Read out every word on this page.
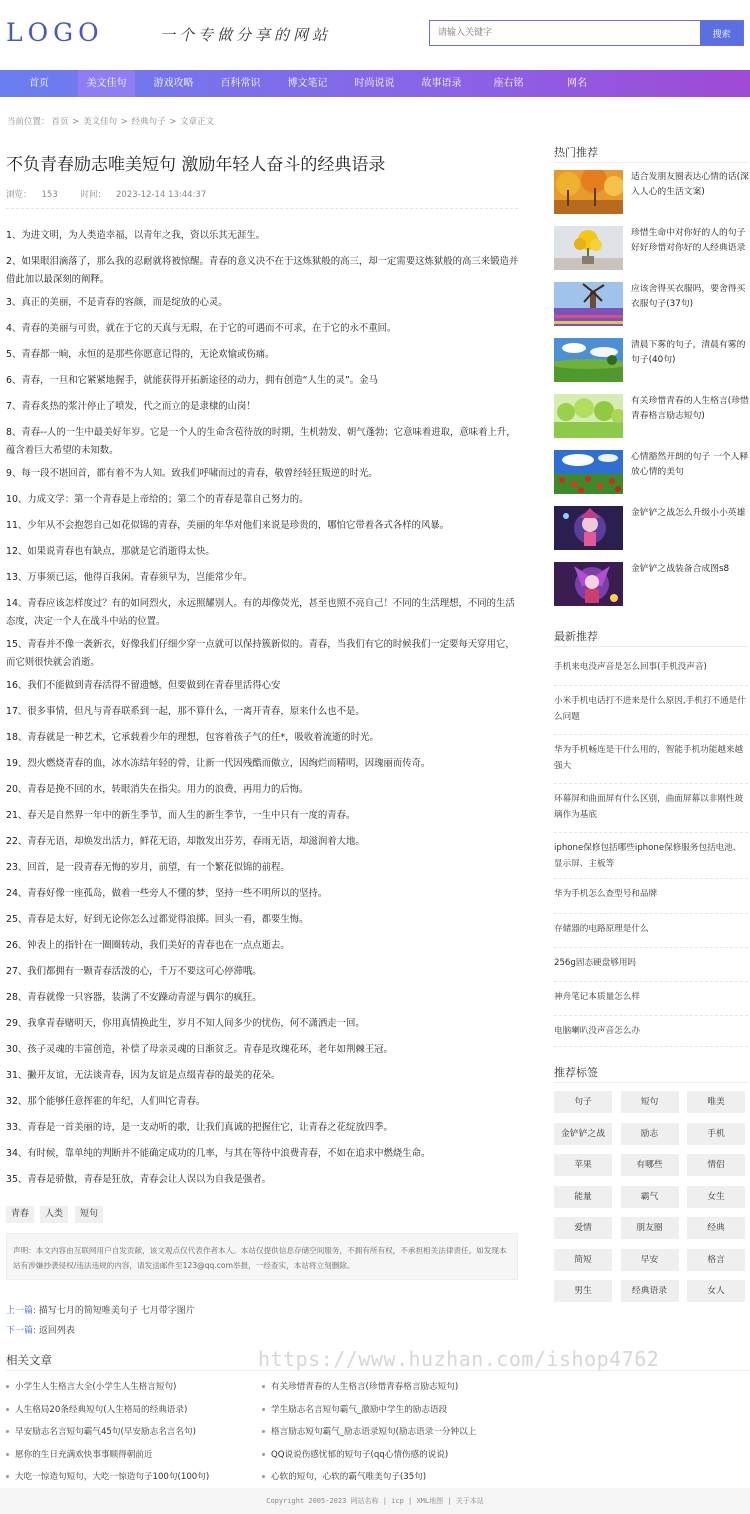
LOGO	一个专做分享的网站
请输入关键字	搜索
首页	美文佳句	游戏攻略	百科常识	博文笔记	时尚说说	故事语录	座右铭	网名
当前位置： 首页 > 美文佳句 > 经典句子 > 文章正文
不负青春励志唯美短句 激励年轻人奋斗的经典语录
浏览： 153	时间： 2023-12-14 13:44:37
1、为进文明，为人类造幸福，以青年之我，资以乐其无涯生。
2、如果眼泪滴落了，那么我的忍耐就将被惊醒。青春的意义决不在于这炼狱般的高三，却一定需要这炼狱般的高三来锻造并借此加以最深刻的阐释。
3、真正的美丽，不是青春的容颜，而是绽放的心灵。
4、青春的美丽与可贵，就在于它的天真与无瑕，在于它的可遇而不可求，在于它的永不重回。
5、青春都一晌，永恒的是那些你愿意记得的，无论欢愉或伤痛。
6、青春，一旦和它紧紧地握手，就能获得开拓新途径的动力，拥有创造“人生的灵”。金马
7、青春炙热的浆汁停止了喷发，代之而立的是隶棣的山岗！
8、青春--人的一生中最美好年岁。它是一个人的生命含苞待放的时期，生机勃发、朝气蓬勃；它意味着进取，意味着上升，蕴含着巨大希望的未知数。
9、每一段不堪回首，都有着不为人知。致我们呼啸而过的青春，敬曾经轻狂叛逆的时光。
10、力成文学：第一个青春是上帝给的；第二个的青春是靠自己努力的。
11、少年从不会抱怨自己如花似锦的青春，美丽的年华对他们来说是珍贵的，哪怕它带着各式各样的风暴。
12、如果说青春也有缺点，那就是它消逝得太快。
13、万事须已运，他得百我闲。青春须早为，岂能常少年。
14、青春应该怎样度过？有的如同烈火，永远照耀别人。有的却像荧光，甚至也照不亮自己！不同的生活理想，不同的生活态度，决定一个人在战斗中站的位置。
15、青春并不像一袭新衣，好像我们仔细少穿一点就可以保持簇新似的。青春，当我们有它的时候我们一定要每天穿用它，而它则很快就会消逝。
16、我们不能做到青春活得不留遗憾，但要做到在青春里活得心安
17、很多事情，但凡与青春联系到一起，那不算什么，一离开青春，原来什么也不是。
18、青春就是一种艺术，它承载着少年的理想，包容着孩子气的任*，吸收着流逝的时光。
19、烈火燃烧青春的血，冰水冻结年轻的骨，让新一代因残酷而傲立，因绚烂而精明，因瑰丽而传奇。
20、青春是挽不回的水，转眼消失在指尖。用力的浪费，再用力的后悔。
21、春天是自然界一年中的新生季节，而人生的新生季节，一生中只有一度的青春。
22、青春无语，却焕发出活力，鲜花无语，却散发出芬芳，春雨无语，却滋润着大地。
23、回首，是一段青春无悔的岁月，前望，有一个繁花似锦的前程。
24、青春好像一座孤岛，做着一些旁人不懂的梦，坚持一些不明所以的坚持。
25、青春是太好，好到无论你怎么过都觉得浪掷。回头一看，都要生悔。
26、钟表上的指针在一圈圈转动，我们美好的青春也在一点点逝去。
27、我们都拥有一颗青春活泼的心，千万不要这可心停滞哦。
28、青春就像一只容器，装满了不安躁动青涩与偶尔的疯狂。
29、我拿青春赌明天，你用真情换此生，岁月不知人间多少的忧伤，何不潇洒走一回。
30、孩子灵魂的丰富创造，补偿了母亲灵魂的日渐贫乏。青春是玫瑰花环，老年如荆棘王冠。
31、撇开友谊，无法谈青春，因为友谊是点缀青春的最美的花朵。
32、那个能够任意挥霍的年纪，人们叫它青春。
33、青春是一首美丽的诗，是一支动听的歌，让我们真诚的把握住它，让青春之花绽放四季。
34、有时候，靠单纯的判断并不能确定成功的几率，与其在等待中浪费青春，不如在追求中燃烧生命。
35、青春是骄傲，青春是狂放，青春会让人误以为自我是强者。
青春	人类	短句
声明：本文内容由互联网用户自发贡献，该文观点仅代表作者本人。本站仅提供信息存储空间服务，不拥有所有权，不承担相关法律责任。如发现本站有涉嫌抄袭侵权/违法违规的内容，请发送邮件至123@qq.com举报，一经查实，本站将立刻删除。
上一篇: 描写七月的简短唯美句子 七月带字图片
下一篇: 返回列表
相关文章
小学生人生格言大全(小学生人生格言短句)	有关珍惜青春的人生格言(珍惜青春格言励志短句)
人生格局20条经典短句(人生格局的经典语录)	学生励志名言短句霸气_激励中学生的励志语段
早安励志名言短句霸气45句(早安励志名言名句)	格言励志短句霸气_励志语录短句(励志语录一分钟以上
愿你的生日充满欢快事事顺得朝前近	QQ说说伤感忧郁的短句子(qq心情伤感的说说)
大吃一惊造句短句，大吃一惊造句子100句(100句)	心软的短句，心软的霸气唯美句子(35句)
热门推荐
适合发朋友圈表达心情的话(深入人心的生活文案)
珍惜生命中对你好的人的句子 好好珍惜对你好的人经典语录
应该舍得买衣服吗，要舍得买衣服句子(37句)
清晨下雾的句子，清晨有雾的句子(40句)
有关珍惜青春的人生格言(珍惜青春格言励志短句)
心情豁然开朗的句子 一个人释放心情的美句
金铲铲之战怎么升级小小英雄
金铲铲之战装备合成图s8
最新推荐
手机来电没声音是怎么回事(手机没声音)
小米手机电话打不进来是什么原因,手机打不通是什么问题
华为手机畅连是干什么用的，智能手机功能越来越强大
环幕屏和曲面屏有什么区别，曲面屏幕以非刚性玻璃作为基底
iphone保修包括哪些iphone保修服务包括电池、显示屏、主板等
华为手机怎么查型号和品牌
存储器的电路原理是什么
256g固态硬盘够用吗
神舟笔记本质量怎么样
电脑喇叭没声音怎么办
推荐标签
句子	短句	唯美
金铲铲之战	励志	手机
苹果	有哪些	情侣
能量	霸气	女生
爱情	朋友圈	经典
简短	早安	格言
男生	经典语录	女人
https://www.huzhan.com/ishop4762
Copyright 2005-2023 网站名称 | icp | XML地图 | 关于本站
